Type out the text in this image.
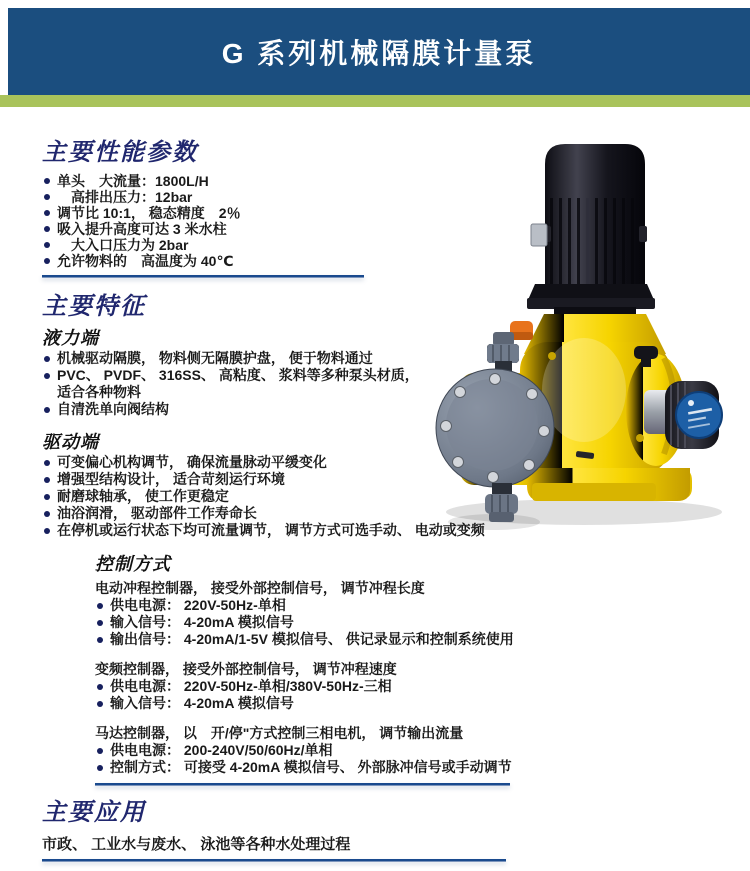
G 系列机械隔膜计量泵
主要性能参数
单头　大流量：1800L/H
　高排出压力：12bar
调节比 10:1， 稳态精度　2％
吸入提升高度可达 3 米水柱
　大入口压力为 2bar
允许物料的　高温度为 40℃
主要特征
液力端
机械驱动隔膜， 物料侧无隔膜护盘， 便于物料通过
PVC、 PVDF、 316SS、 高粘度、 浆料等多种泵头材质， 适合各种物料
自清洗单向阀结构
驱动端
可变偏心机构调节， 确保流量脉动平缓变化
增强型结构设计， 适合苛刻运行环境
耐磨球轴承， 使工作更稳定
油浴润滑， 驱动部件工作寿命长
在停机或运行状态下均可流量调节， 调节方式可选手动、 电动或变频
控制方式
电动冲程控制器， 接受外部控制信号， 调节冲程长度
供电电源： 220V-50Hz-单相
输入信号： 4-20mA 模拟信号
输出信号： 4-20mA/1-5V 模拟信号、 供记录显示和控制系统使用
变频控制器， 接受外部控制信号， 调节冲程速度
供电电源： 220V-50Hz-单相/380V-50Hz-三相
输入信号： 4-20mA 模拟信号
马达控制器， 以　开/停"方式控制三相电机， 调节输出流量
供电电源： 200-240V/50/60Hz/单相
控制方式： 可接受 4-20mA 模拟信号、 外部脉冲信号或手动调节
主要应用
市政、 工业水与废水、 泳池等各种水处理过程
